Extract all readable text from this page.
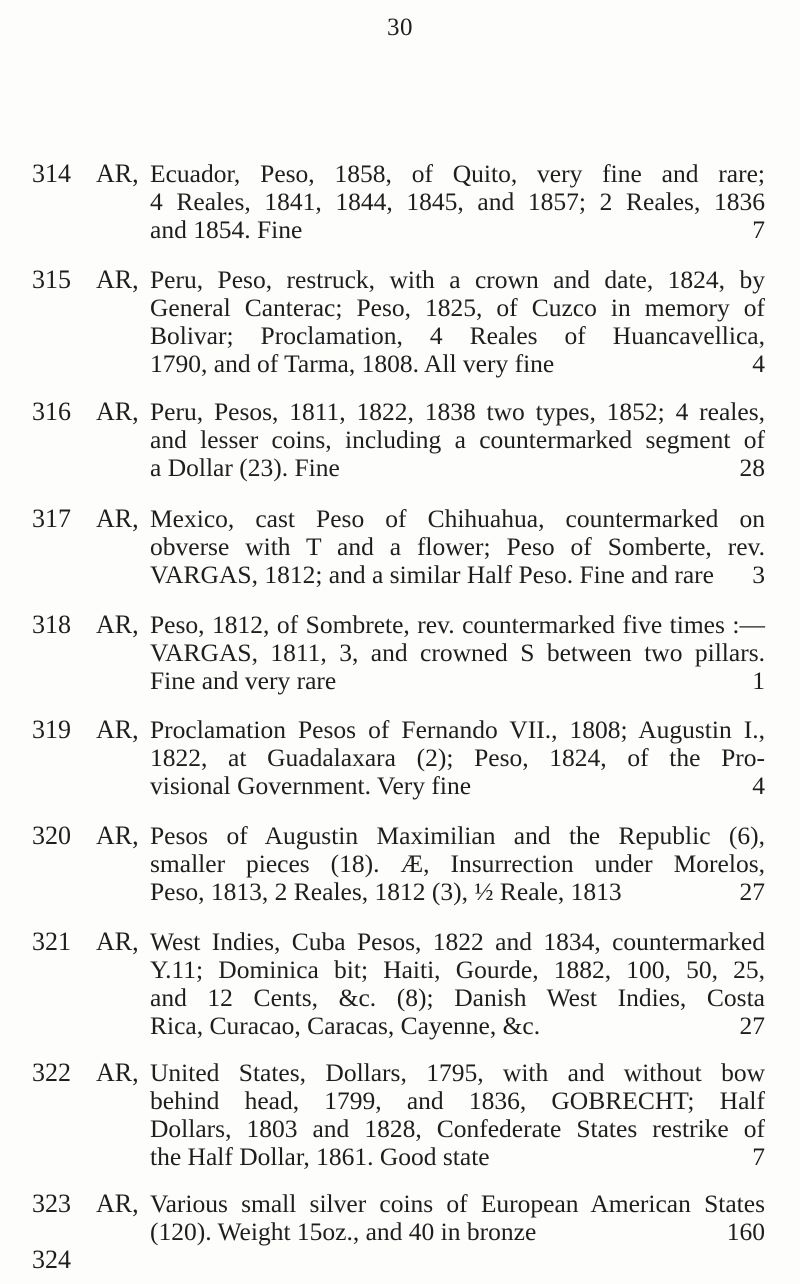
30
314 AR, Ecuador, Peso, 1858, of Quito, very fine and rare;
4 Reales, 1841, 1844, 1845, and 1857; 2 Reales, 1836
and 1854. Fine	7
315 AR, Peru, Peso, restruck, with a crown and date, 1824, by
General Canterac; Peso, 1825, of Cuzco in memory of
Bolivar; Proclamation, 4 Reales of Huancavellica,
1790, and of Tarma, 1808. All very fine	4
316 AR, Peru, Pesos, 1811, 1822, 1838 two types, 1852; 4 reales,
and lesser coins, including a countermarked segment of
a Dollar (23). Fine	28
317 AR, Mexico, cast Peso of Chihuahua, countermarked on
obverse with T and a flower; Peso of Somberte, rev.
VARGAS, 1812; and a similar Half Peso. Fine and rare 3
318 AR, Peso, 1812, of Sombrete, rev. countermarked five times :—
VARGAS, 1811, 3, and crowned S between two pillars.
Fine and very rare	1
319 AR, Proclamation Pesos of Fernando VII., 1808; Augustin I.,
1822, at Guadalaxara (2); Peso, 1824, of the Pro-
visional Government. Very fine	4
320 AR, Pesos of Augustin Maximilian and the Republic (6),
smaller pieces (18). Æ, Insurrection under Morelos,
Peso, 1813, 2 Reales, 1812 (3), ½ Reale, 1813	27
321 AR, West Indies, Cuba Pesos, 1822 and 1834, countermarked
Y.11; Dominica bit; Haiti, Gourde, 1882, 100, 50, 25,
and 12 Cents, &c. (8); Danish West Indies, Costa
Rica, Curacao, Caracas, Cayenne, &c.	27
322 AR, United States, Dollars, 1795, with and without bow
behind head, 1799, and 1836, GOBRECHT; Half
Dollars, 1803 and 1828, Confederate States restrike of
the Half Dollar, 1861. Good state	7
323 AR, Various small silver coins of European American States
(120). Weight 15oz., and 40 in bronze	160
324
